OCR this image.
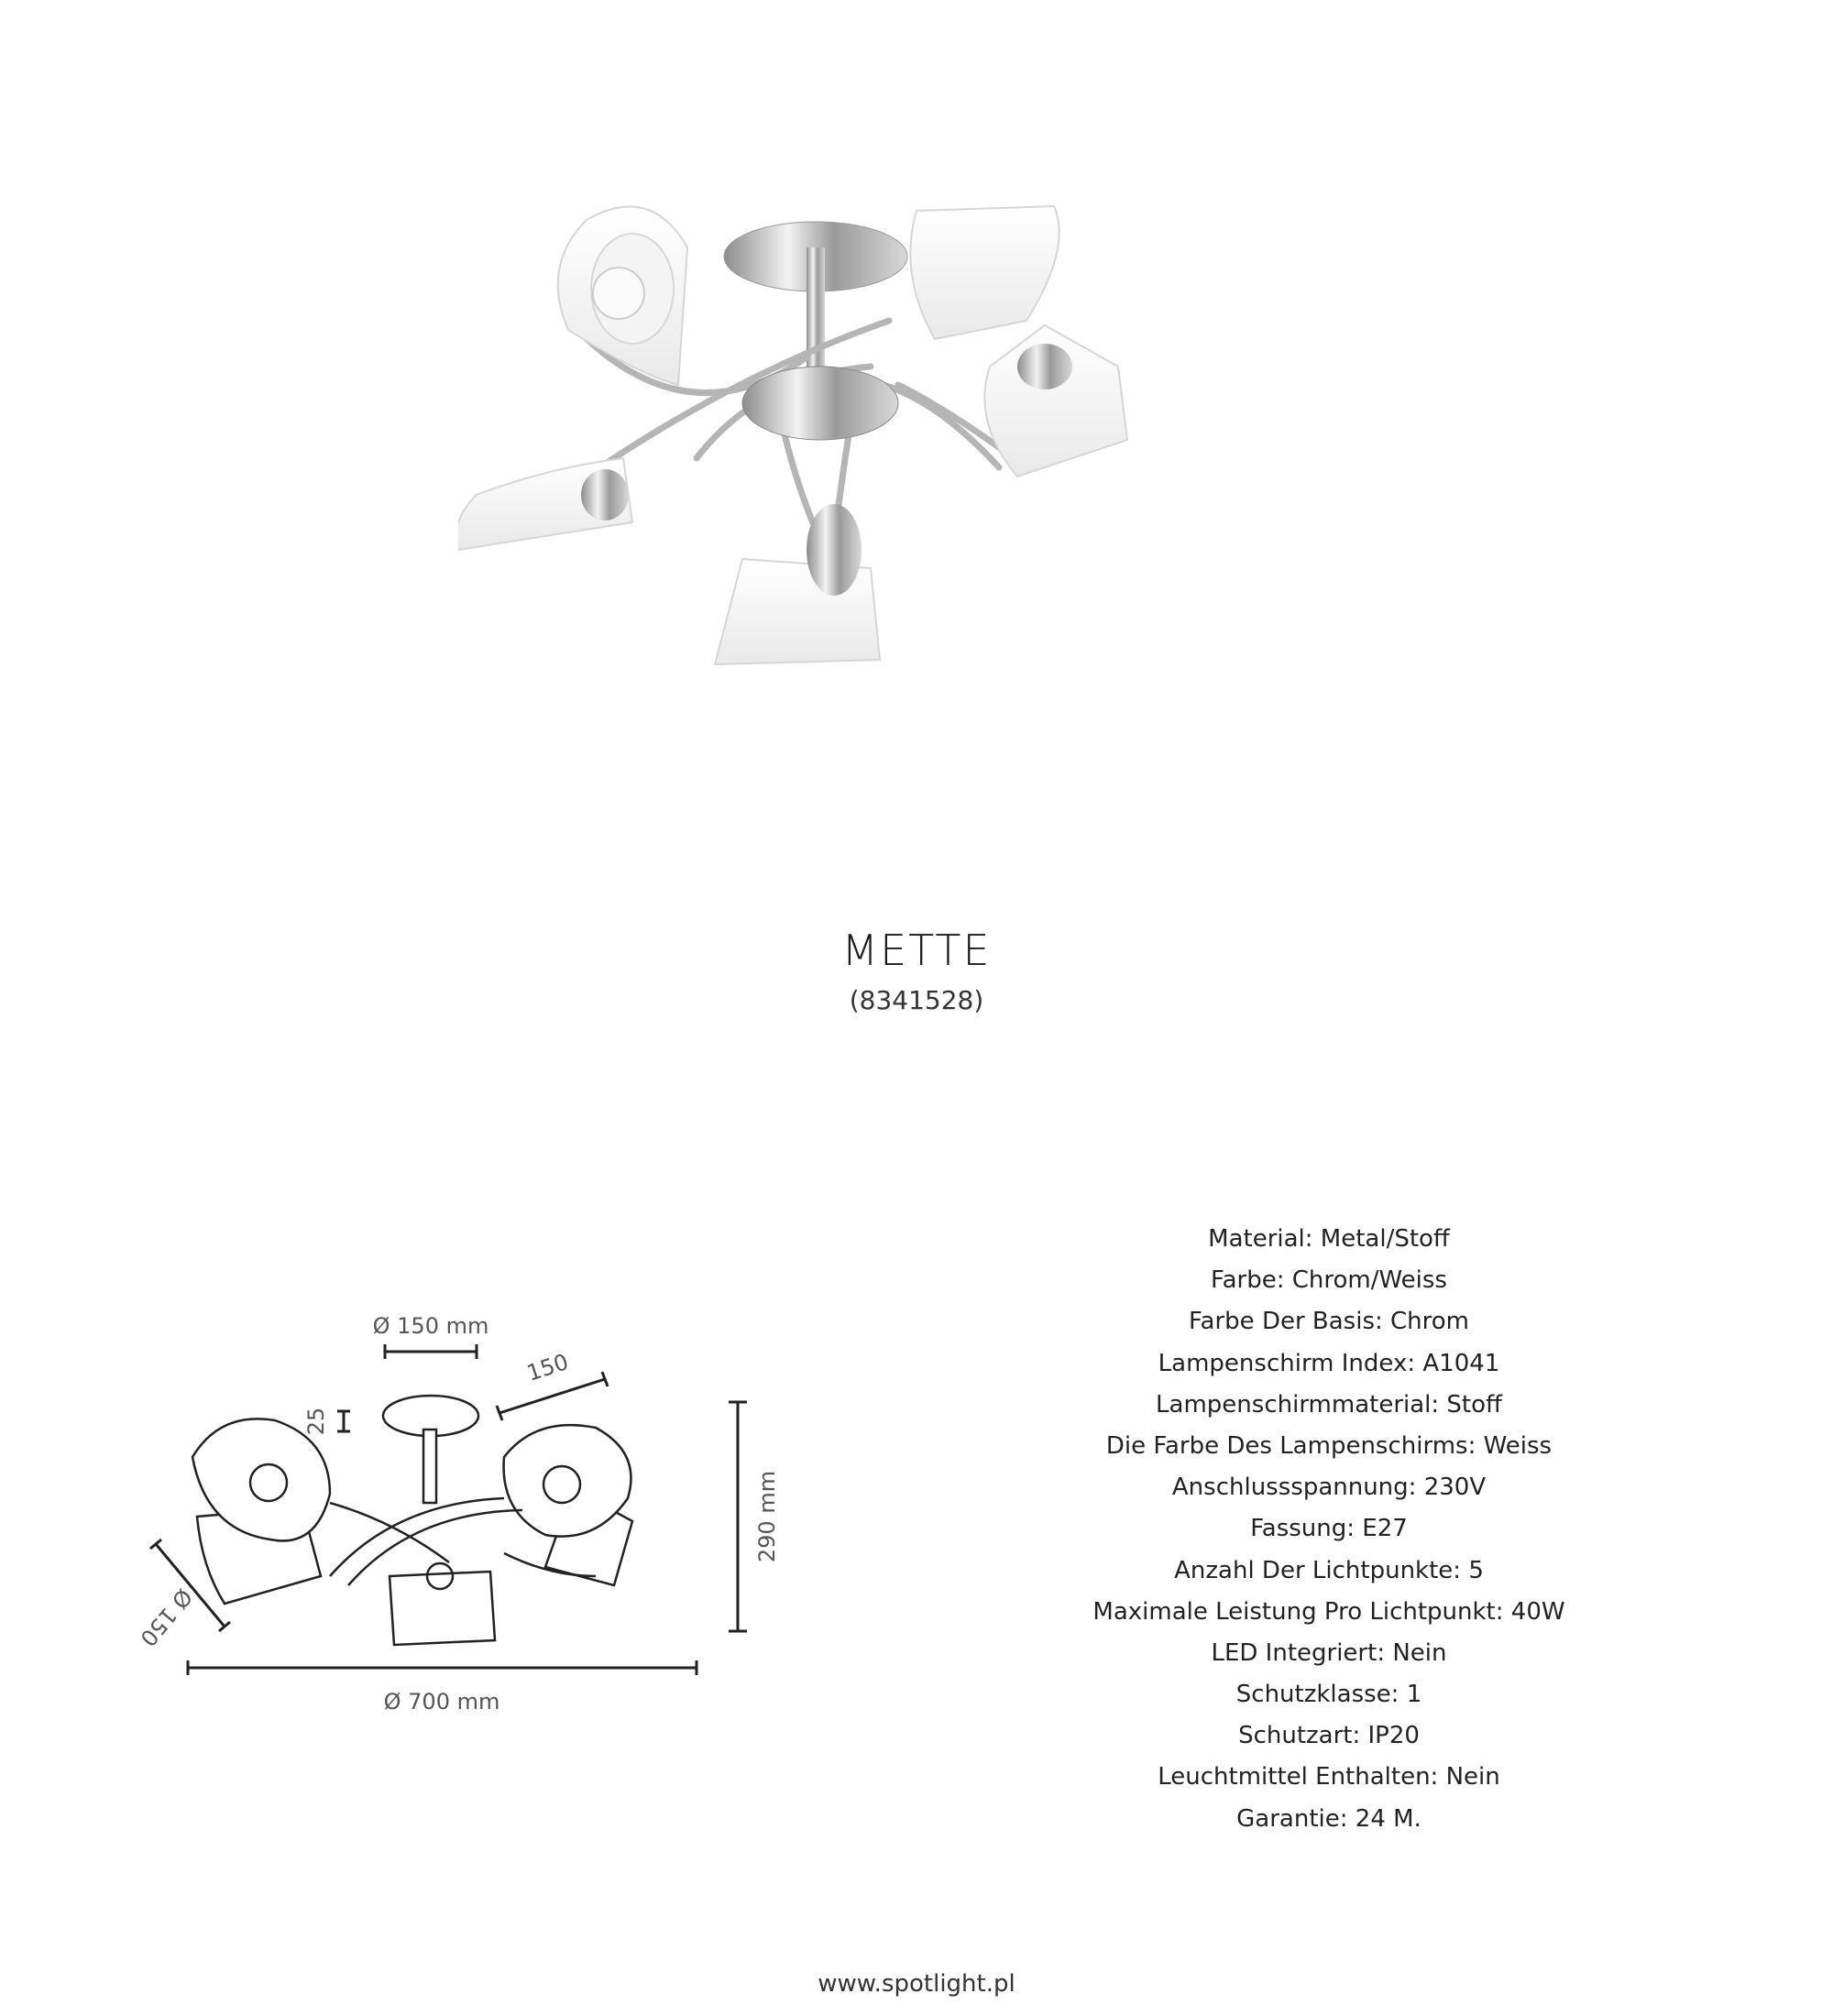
METTE
(8341528)
Ø 150 mm
150
25
290 mm
Ø 150
Ø 700 mm
Material: Metal/Stoff
Farbe: Chrom/Weiss
Farbe Der Basis: Chrom
Lampenschirm Index: A1041
Lampenschirmmaterial: Stoff
Die Farbe Des Lampenschirms: Weiss
Anschlussspannung: 230V
Fassung: E27
Anzahl Der Lichtpunkte: 5
Maximale Leistung Pro Lichtpunkt: 40W
LED Integriert: Nein
Schutzklasse: 1
Schutzart: IP20
Leuchtmittel Enthalten: Nein
Garantie: 24 M.
www.spotlight.pl
